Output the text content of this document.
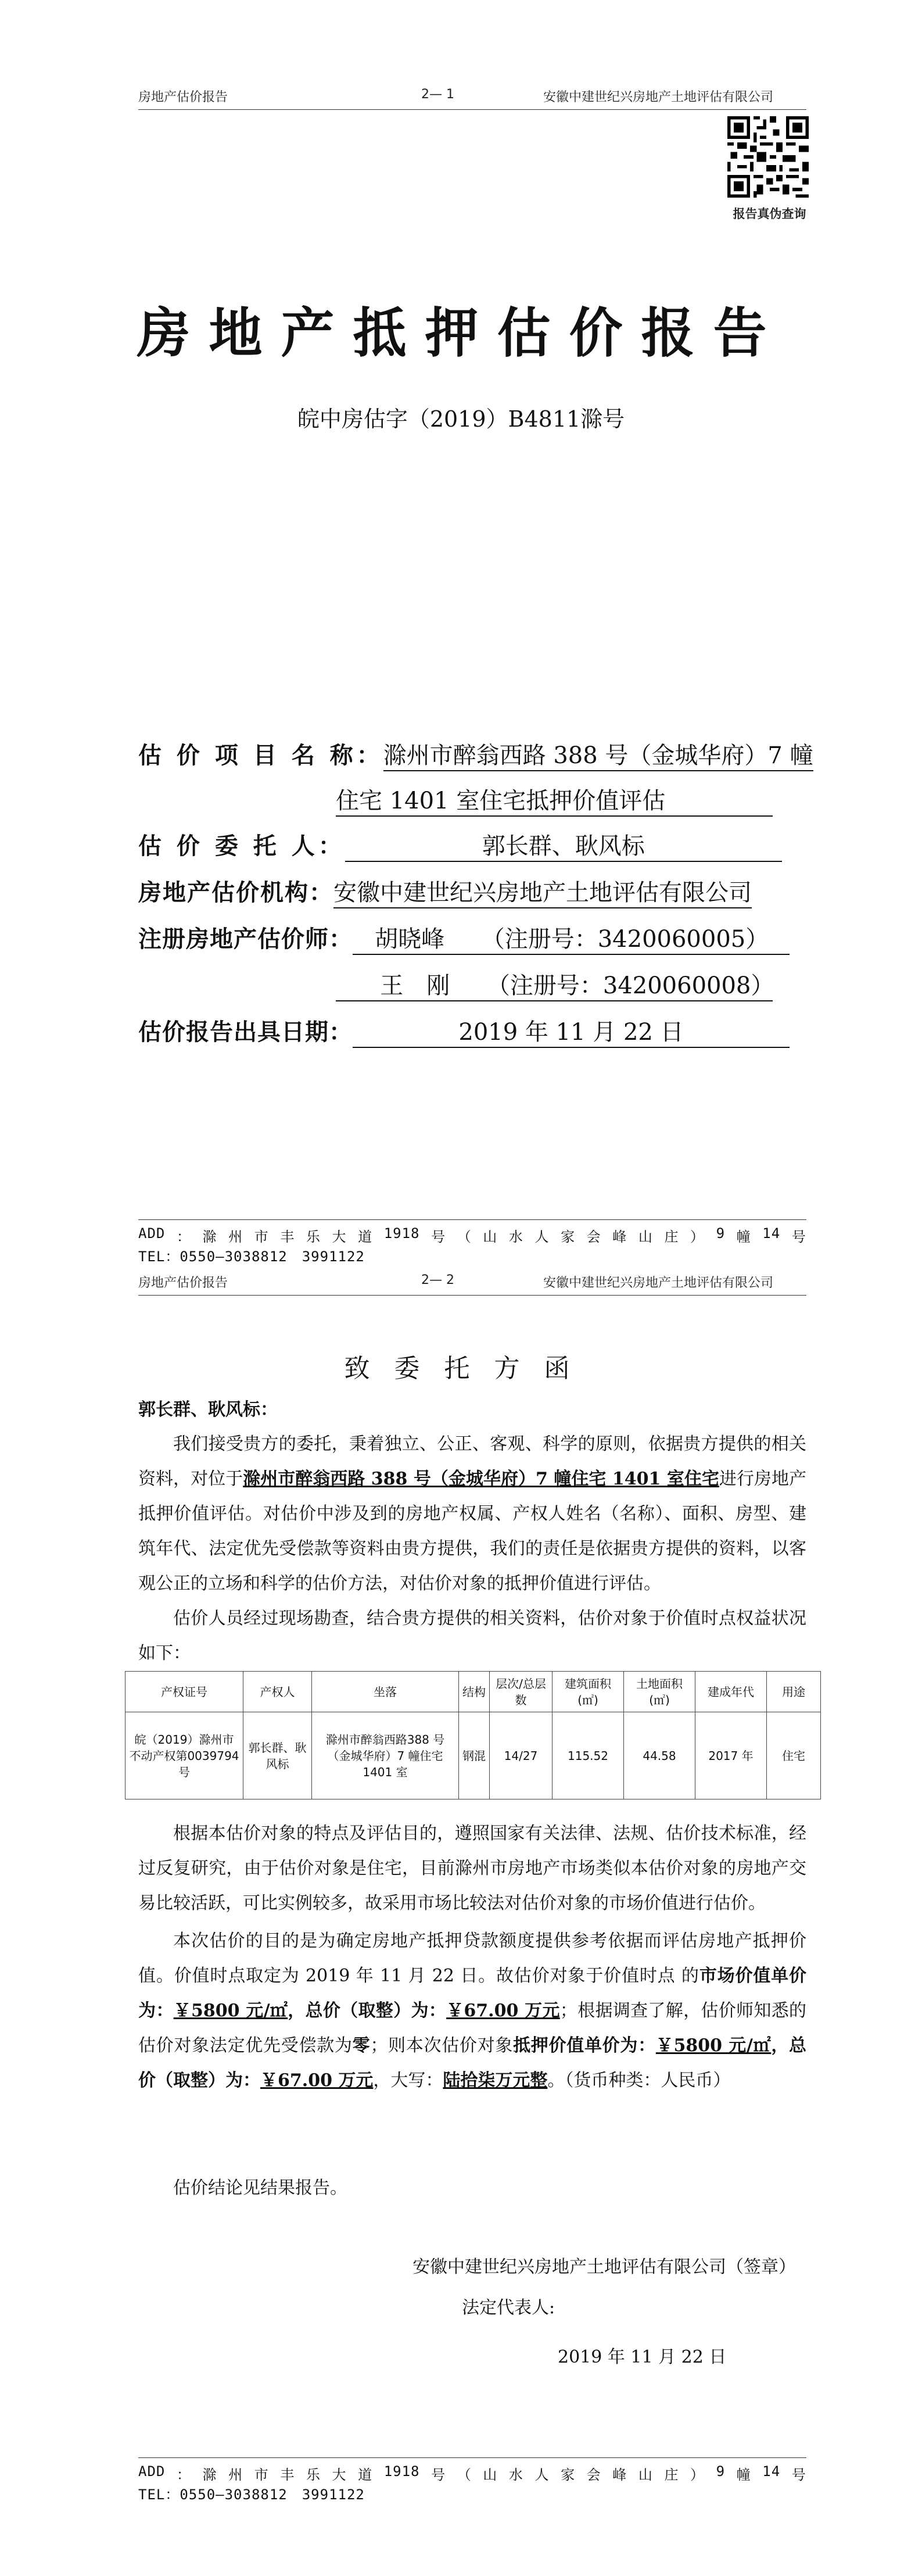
房地产估价报告	2— 1	安徽中建世纪兴房地产土地评估有限公司
报告真伪查询
房地产抵押估价报告
皖中房估字（2019）B4811滁号
估 价 项 目 名 称：滁州市醉翁西路 388 号（金城华府）7 幢
住宅 1401 室住宅抵押价值评估
估 价 委 托 人：	郭长群、耿风标
房地产估价机构：安徽中建世纪兴房地产土地评估有限公司
注册房地产估价师： 胡晓峰 （注册号：3420060005）
王　刚 （注册号：3420060008）
估价报告出具日期：	2019 年 11 月 22 日
ADD ： 滁 州 市 丰 乐 大 道 1918 号 （ 山 水 人 家 会 峰 山 庄 ） 9 幢 14 号
TEL：0550—3038812　3991122
房地产估价报告	2— 2	安徽中建世纪兴房地产土地评估有限公司
致 委 托 方 函
郭长群、耿风标：
我们接受贵方的委托，秉着独立、公正、客观、科学的原则，依据贵方提供的相关资料，对位于滁州市醉翁西路 388 号（金城华府）7 幢住宅 1401 室住宅进行房地产抵押价值评估。对估价中涉及到的房地产权属、产权人姓名（名称）、面积、房型、建筑年代、法定优先受偿款等资料由贵方提供，我们的责任是依据贵方提供的资料，以客观公正的立场和科学的估价方法，对估价对象的抵押价值进行评估。
估价人员经过现场勘查，结合贵方提供的相关资料，估价对象于价值时点权益状况如下：
产权证号	产权人	坐落	结构	层次/总层数	建筑面积(㎡)	土地面积(㎡)	建成年代	用途
皖（2019）滁州市不动产权第0039794 号	郭长群、耿风标	滁州市醉翁西路388 号（金城华府）7 幢住宅 1401 室	钢混	14/27	115.52	44.58	2017 年	住宅
根据本估价对象的特点及评估目的，遵照国家有关法律、法规、估价技术标准，经过反复研究，由于估价对象是住宅，目前滁州市房地产市场类似本估价对象的房地产交易比较活跃，可比实例较多，故采用市场比较法对估价对象的市场价值进行估价。
本次估价的目的是为确定房地产抵押贷款额度提供参考依据而评估房地产抵押价值。价值时点取定为 2019 年 11 月 22 日。故估价对象于价值时点 的市场价值单价为：￥5800 元/㎡，总价（取整）为：￥67.00 万元；根据调查了解，估价师知悉的估价对象法定优先受偿款为零；则本次估价对象抵押价值单价为：￥5800 元/㎡，总价（取整）为：￥67.00 万元，大写：陆拾柒万元整。（货币种类：人民币）
估价结论见结果报告。
安徽中建世纪兴房地产土地评估有限公司（签章）
法定代表人:
2019 年 11 月 22 日
ADD ： 滁 州 市 丰 乐 大 道 1918 号 （ 山 水 人 家 会 峰 山 庄 ） 9 幢 14 号
TEL：0550—3038812　3991122
